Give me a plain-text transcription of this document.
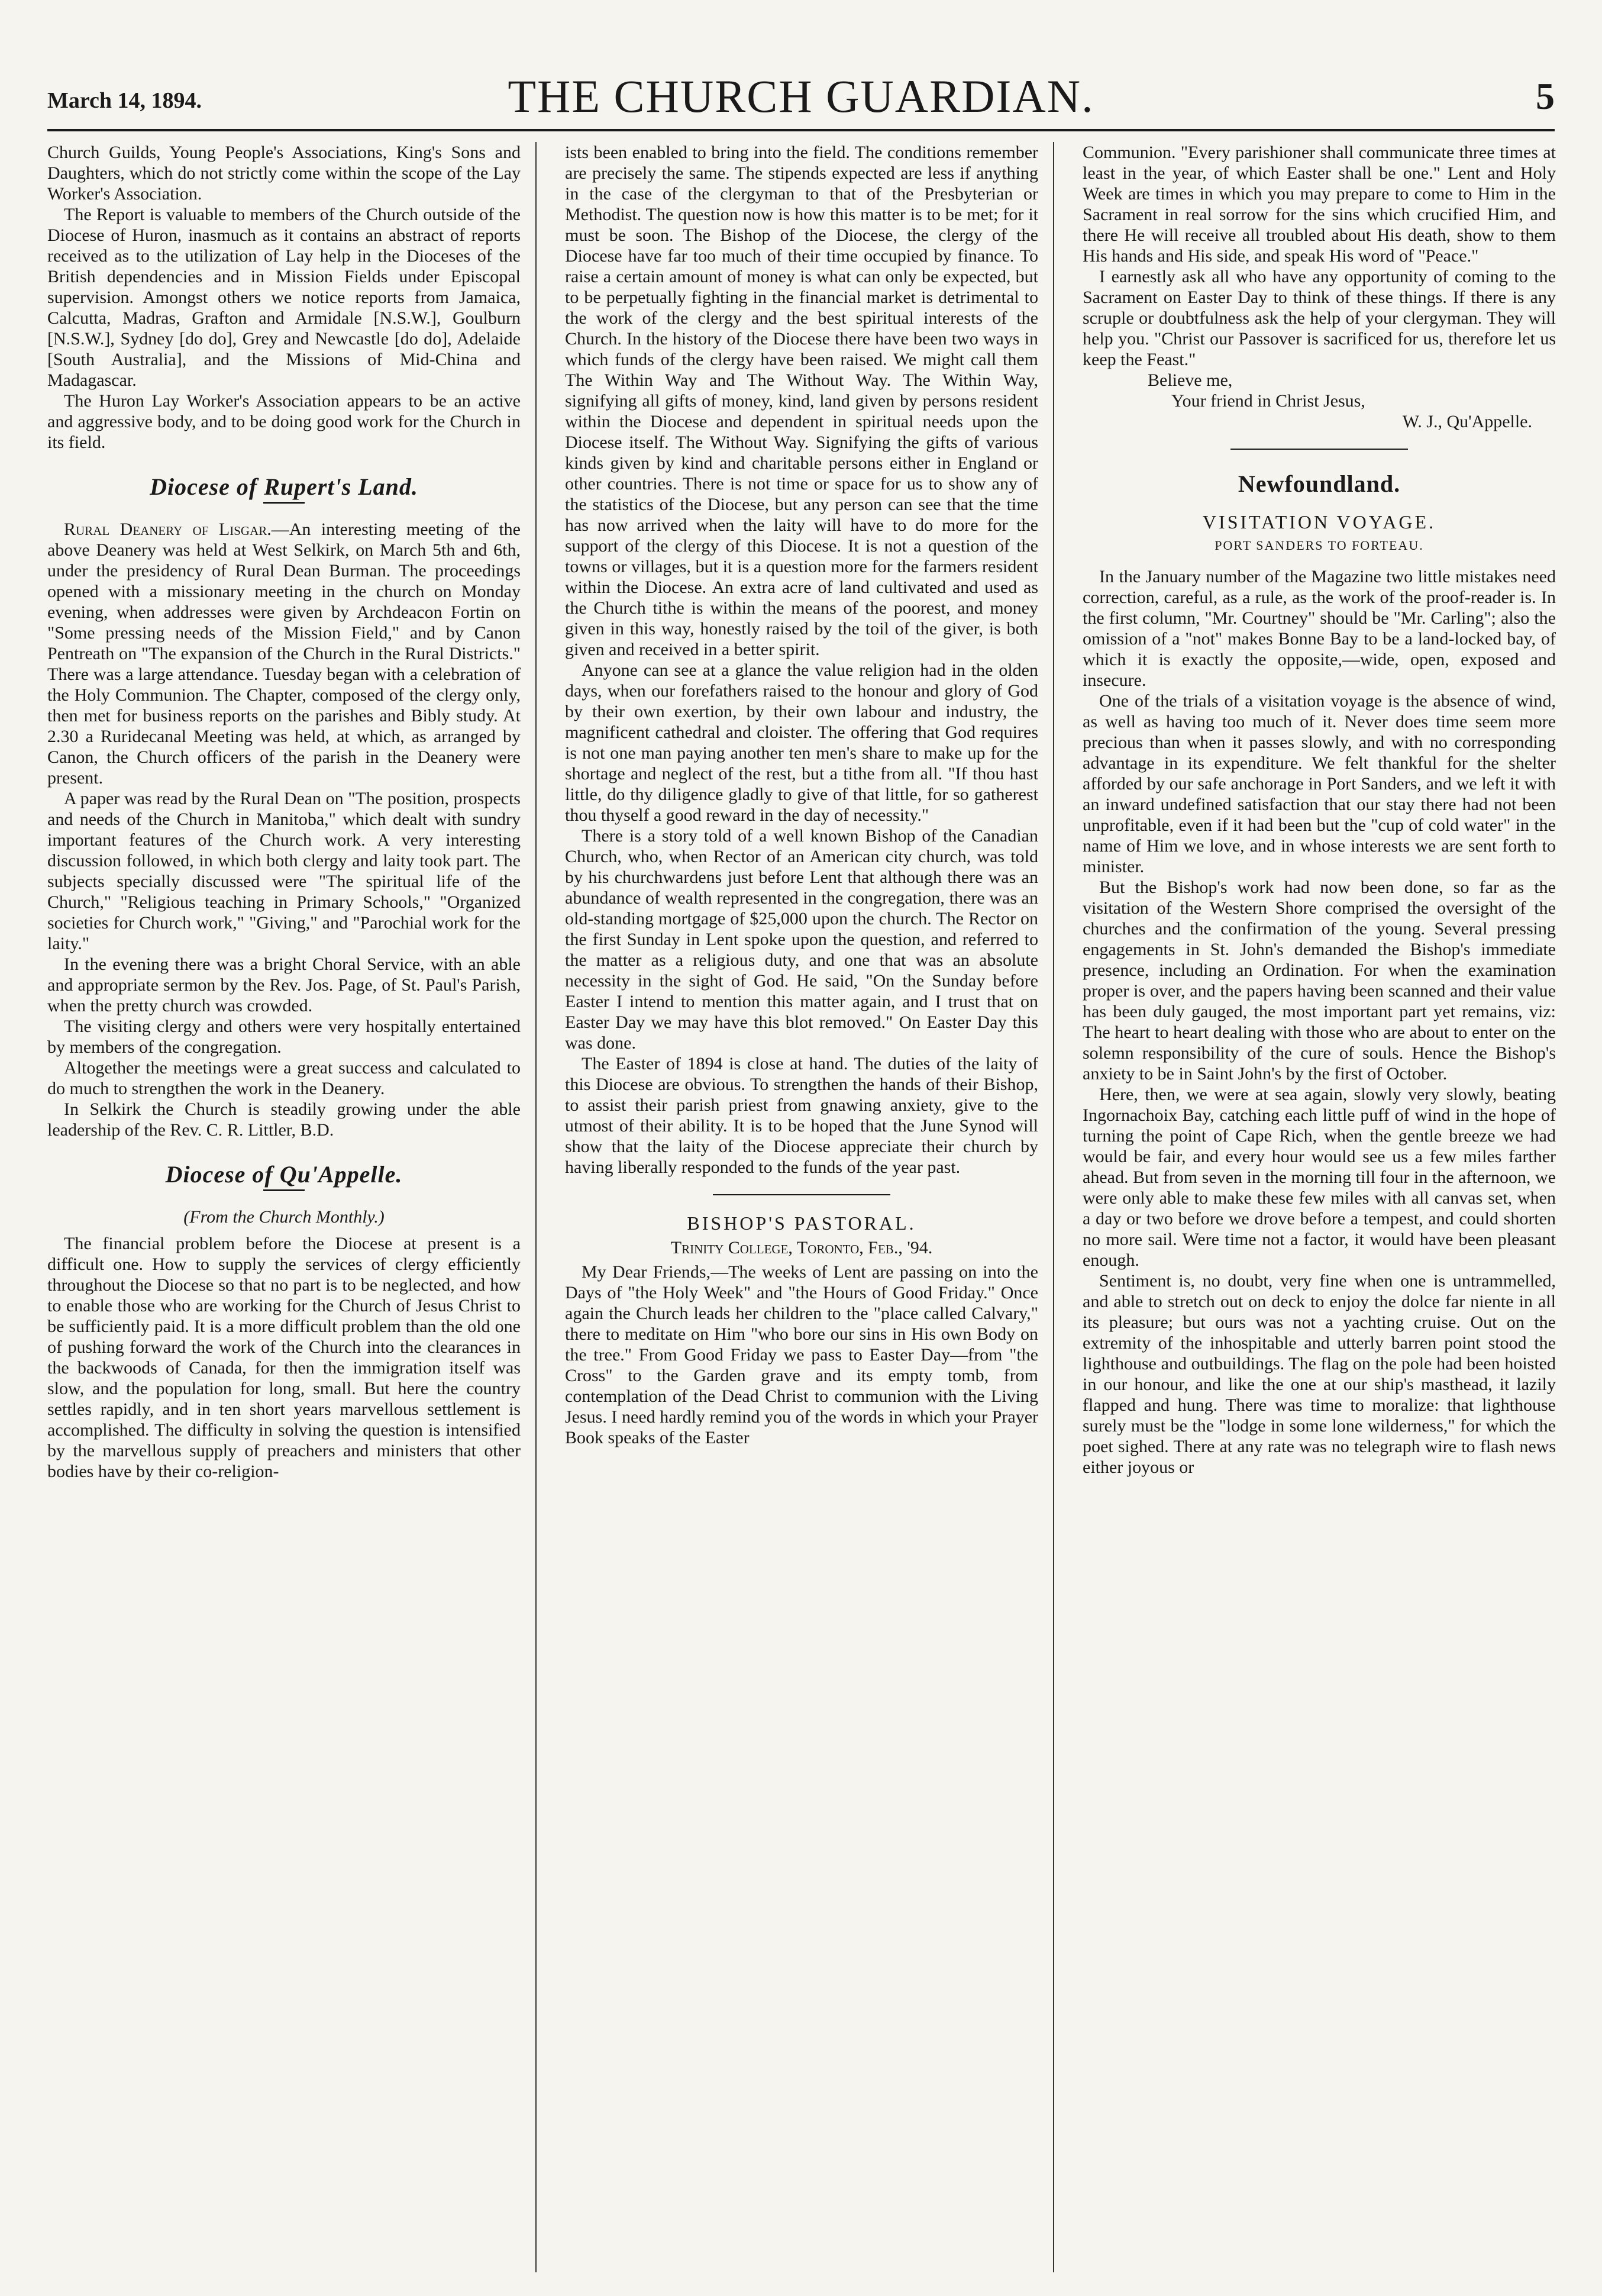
THE CHURCH GUARDIAN.
March 14, 1894.	5

Church Guilds, Young People's Associations, King's Sons and Daughters, which do not strictly come within the scope of the Lay Worker's Association.

The Report is valuable to members of the Church outside of the Diocese of Huron, inasmuch as it contains an abstract of reports received as to the utilization of Lay help in the Dioceses of the British dependencies and in Mission Fields under Episcopal supervision. Amongst others we notice reports from Jamaica, Calcutta, Madras, Grafton and Armidale [N.S.W.], Goulburn [N.S.W.], Sydney [do do], Grey and Newcastle [do do], Adelaide [South Australia], and the Missions of Mid-China and Madagascar.

The Huron Lay Worker's Association appears to be an active and aggressive body, and to be doing good work for the Church in its field.

Diocese of Rupert's Land.

Rural Deanery of Lisgar.—An interesting meeting of the above Deanery was held at West Selkirk, on March 5th and 6th, under the presidency of Rural Dean Burman. The proceedings opened with a missionary meeting in the church on Monday evening, when addresses were given by Archdeacon Fortin on "Some pressing needs of the Mission Field," and by Canon Pentreath on "The expansion of the Church in the Rural Districts." There was a large attendance. Tuesday began with a celebration of the Holy Communion. The Chapter, composed of the clergy only, then met for business reports on the parishes and Bibly study. At 2.30 a Ruridecanal Meeting was held, at which, as arranged by Canon, the Church officers of the parish in the Deanery were present.

A paper was read by the Rural Dean on "The position, prospects and needs of the Church in Manitoba," which dealt with sundry important features of the Church work. A very interesting discussion followed, in which both clergy and laity took part. The subjects specially discussed were "The spiritual life of the Church," "Religious teaching in Primary Schools," "Organized societies for Church work," "Giving," and "Parochial work for the laity."

In the evening there was a bright Choral Service, with an able and appropriate sermon by the Rev. Jos. Page, of St. Paul's Parish, when the pretty church was crowded.

The visiting clergy and others were very hospitally entertained by members of the congregation.

Altogether the meetings were a great success and calculated to do much to strengthen the work in the Deanery.

In Selkirk the Church is steadily growing under the able leadership of the Rev. C. R. Littler, B.D.

Diocese of Qu'Appelle.
(From the Church Monthly.)

The financial problem before the Diocese at present is a difficult one. How to supply the services of clergy efficiently throughout the Diocese so that no part is to be neglected, and how to enable those who are working for the Church of Jesus Christ to be sufficiently paid. It is a more difficult problem than the old one of pushing forward the work of the Church into the clearances in the backwoods of Canada, for then the immigration itself was slow, and the population for long, small. But here the country settles rapidly, and in ten short years marvellous settlement is accomplished. The difficulty in solving the question is intensified by the marvellous supply of preachers and ministers that other bodies have by their co-religion-

ists been enabled to bring into the field. The conditions remember are precisely the same. The stipends expected are less if anything in the case of the clergyman to that of the Presbyterian or Methodist. The question now is how this matter is to be met; for it must be soon. The Bishop of the Diocese, the clergy of the Diocese have far too much of their time occupied by finance. To raise a certain amount of money is what can only be expected, but to be perpetually fighting in the financial market is detrimental to the work of the clergy and the best spiritual interests of the Church. In the history of the Diocese there have been two ways in which funds of the clergy have been raised. We might call them The Within Way and The Without Way. The Within Way, signifying all gifts of money, kind, land given by persons resident within the Diocese and dependent in spiritual needs upon the Diocese itself. The Without Way. Signifying the gifts of various kinds given by kind and charitable persons either in England or other countries. There is not time or space for us to show any of the statistics of the Diocese, but any person can see that the time has now arrived when the laity will have to do more for the support of the clergy of this Diocese. It is not a question of the towns or villages, but it is a question more for the farmers resident within the Diocese. An extra acre of land cultivated and used as the Church tithe is within the means of the poorest, and money given in this way, honestly raised by the toil of the giver, is both given and received in a better spirit.

Anyone can see at a glance the value religion had in the olden days, when our forefathers raised to the honour and glory of God by their own exertion, by their own labour and industry, the magnificent cathedral and cloister. The offering that God requires is not one man paying another ten men's share to make up for the shortage and neglect of the rest, but a tithe from all. "If thou hast little, do thy diligence gladly to give of that little, for so gatherest thou thyself a good reward in the day of necessity."

There is a story told of a well known Bishop of the Canadian Church, who, when Rector of an American city church, was told by his churchwardens just before Lent that although there was an abundance of wealth represented in the congregation, there was an old-standing mortgage of $25,000 upon the church. The Rector on the first Sunday in Lent spoke upon the question, and referred to the matter as a religious duty, and one that was an absolute necessity in the sight of God. He said, "On the Sunday before Easter I intend to mention this matter again, and I trust that on Easter Day we may have this blot removed." On Easter Day this was done.

The Easter of 1894 is close at hand. The duties of the laity of this Diocese are obvious. To strengthen the hands of their Bishop, to assist their parish priest from gnawing anxiety, give to the utmost of their ability. It is to be hoped that the June Synod will show that the laity of the Diocese appreciate their church by having liberally responded to the funds of the year past.

BISHOP'S PASTORAL.
Trinity College, Toronto, Feb., '94.

My Dear Friends,—The weeks of Lent are passing on into the Days of "the Holy Week" and "the Hours of Good Friday." Once again the Church leads her children to the "place called Calvary," there to meditate on Him "who bore our sins in His own Body on the tree." From Good Friday we pass to Easter Day—from "the Cross" to the Garden grave and its empty tomb, from contemplation of the Dead Christ to communion with the Living Jesus. I need hardly remind you of the words in which your Prayer Book speaks of the Easter

Communion. "Every parishioner shall communicate three times at least in the year, of which Easter shall be one." Lent and Holy Week are times in which you may prepare to come to Him in the Sacrament in real sorrow for the sins which crucified Him, and there He will receive all troubled about His death, show to them His hands and His side, and speak His word of "Peace."

I earnestly ask all who have any opportunity of coming to the Sacrament on Easter Day to think of these things. If there is any scruple or doubtfulness ask the help of your clergyman. They will help you. "Christ our Passover is sacrificed for us, therefore let us keep the Feast."

Believe me,

Your friend in Christ Jesus,

W. J., Qu'Appelle.

Newfoundland.
VISITATION VOYAGE.
PORT SANDERS TO FORTEAU.

In the January number of the Magazine two little mistakes need correction, careful, as a rule, as the work of the proof-reader is. In the first column, "Mr. Courtney" should be "Mr. Carling"; also the omission of a "not" makes Bonne Bay to be a land-locked bay, of which it is exactly the opposite,—wide, open, exposed and insecure.

One of the trials of a visitation voyage is the absence of wind, as well as having too much of it. Never does time seem more precious than when it passes slowly, and with no corresponding advantage in its expenditure. We felt thankful for the shelter afforded by our safe anchorage in Port Sanders, and we left it with an inward undefined satisfaction that our stay there had not been unprofitable, even if it had been but the "cup of cold water" in the name of Him we love, and in whose interests we are sent forth to minister.

But the Bishop's work had now been done, so far as the visitation of the Western Shore comprised the oversight of the churches and the confirmation of the young. Several pressing engagements in St. John's demanded the Bishop's immediate presence, including an Ordination. For when the examination proper is over, and the papers having been scanned and their value has been duly gauged, the most important part yet remains, viz: The heart to heart dealing with those who are about to enter on the solemn responsibility of the cure of souls. Hence the Bishop's anxiety to be in Saint John's by the first of October.

Here, then, we were at sea again, slowly very slowly, beating Ingornachoix Bay, catching each little puff of wind in the hope of turning the point of Cape Rich, when the gentle breeze we had would be fair, and every hour would see us a few miles farther ahead. But from seven in the morning till four in the afternoon, we were only able to make these few miles with all canvas set, when a day or two before we drove before a tempest, and could shorten no more sail. Were time not a factor, it would have been pleasant enough.

Sentiment is, no doubt, very fine when one is untrammelled, and able to stretch out on deck to enjoy the dolce far niente in all its pleasure; but ours was not a yachting cruise. Out on the extremity of the inhospitable and utterly barren point stood the lighthouse and outbuildings. The flag on the pole had been hoisted in our honour, and like the one at our ship's masthead, it lazily flapped and hung. There was time to moralize: that lighthouse surely must be the "lodge in some lone wilderness," for which the poet sighed. There at any rate was no telegraph wire to flash news either joyous or
